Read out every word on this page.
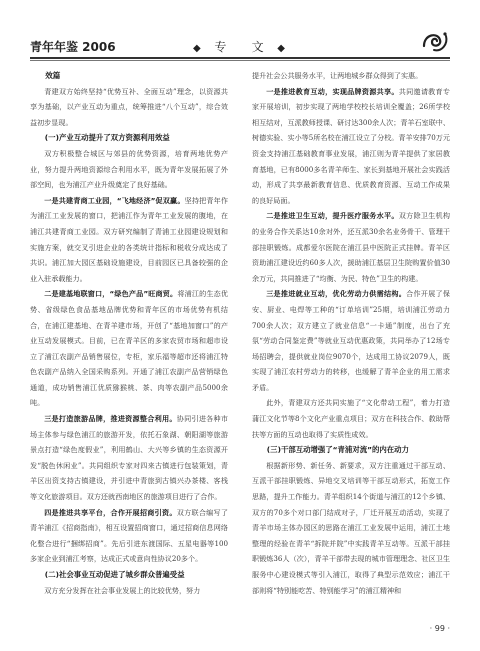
青年年鉴 2006	◆ 专 文 ◆

效篇

青建双方始终坚持“优势互补、全面互动”理念，以资源共享为基础，以产业互动为重点，统筹推进“八个互动”，综合效益初步显现。

(一)产业互动提升了双方资源利用效益

双方积极整合城区与郊县的优势资源，培育两地优势产业，努力提升两地资源综合利用水平，既为青年发展拓展了外部空间，也为浦江产业升级奠定了良好基础。

一是共建青商工业园，“飞地经济”促双赢。坚持把青年作为浦江工业发展的窗口，把浦江作为青年工业发展的腹地，在浦江共建青商工业园。双方研究编制了青浦工业园建设规划和实施方案，就交叉引进企业的各类统计指标和税收分成达成了共识。浦江加大园区基础设施建设，目前园区已具备较强的企业入驻承载能力。

二是建基地联窗口，“绿色产品”旺商贸。将浦江的生态优势、省级绿色食品基地品牌优势和青年区的市场优势有机结合，在浦江建基地、在青羊建市场，开创了“基地加窗口”的产业互动发展模式。目前，已在青羊区的多家农贸市场和超市设立了浦江农副产品销售展位，专柜，家乐福等超市还将浦江特色农副产品纳入全国采购系列。开通了浦江农副产品营销绿色通道，成功销售浦江优质猕猴桃、茶、肉等农副产品5000余吨。

三是打造旅游品牌，推进资源整合利用。协同引进各种市场主体参与绿色浦江的旅游开发，依托石象湖、朝阳湖等旅游景点打造“绿色度假业”，利用鹤山、大兴等乡镇的生态资源开发“脱色休闲业”。共同组织专家对四来古镇进行包装策划，青羊区出资支持古镇建设，并引进中青旅到古镇兴办茶楼、客栈等文化旅游项目。双方还就西南地区的旅游项目进行了合作。

四是推进共享平台，合作开展招商引资。双方联合编写了青羊浦江《招商指南》，相互设置招商窗口，通过招商信息网络化整合进行“捆绑招商”。先后引进东渡国际、五星电器等100多家企业到浦江考察，达成正式或意向性协议20多个。

(二)社会事业互动促进了城乡群众普遍受益

双方充分发挥在社会事业发展上的比较优势，努力

提升社会公共服务水平，让两地城乡群众得到了实惠。

一是推进教育互动，实现品牌资源共享。共同邀请教育专家开展培训，初步实现了两地学校校长培训全覆盖；26所学校相互结对，互派教师授课、研讨达300余人次；青羊石室联中、树德实验、实小等5所名校在浦江设立了分校。青羊安排70万元资金支持浦江基础教育事业发展，浦江则为青羊提供了家居教育基地，已有8000多名青羊师生、家长到基地开展社会实践活动，形成了共享最新教育信息、优质教育资源、互动工作成果的良好局面。

二是推进卫生互动，提升医疗服务水平。双方除卫生机构的业务合作关系达10余对外，还互派30余名业务骨干、管理干部挂职锻炼。成都爱尔医院在浦江县中医院正式挂牌。青羊区资助浦江建设近约60多人次，援助浦江基层卫生院购置价值30余万元，共同推进了“均衡、为民、特色”卫生的构建。

三是推进就业互动，优化劳动力供需结构。合作开展了保安、厨业、电焊等工种的“订单培训”25期，培训浦江劳动力700余人次；双方建立了就业信息“一卡通”制度，出台了充氛“劳动合同鉴定费”等就业互动优惠政策，共同举办了12场专场招聘会，提供就业岗位9070个，达成用工协议2079人，既实现了浦江农村劳动力的转移，也缓解了青羊企业的用工需求矛盾。

此外，青建双方还共同实施了“文化带动工程”，着力打造蒲江文化节等8个文化产业重点项目；双方在科技合作、救助帮扶等方面的互动也取得了实质性成效。

(三)干部互动增强了“青浦对流”的内在动力

根据新形势、新任务、新要求，双方注重通过干部互动、互派干部挂职锻炼、异地交叉培训等干部互动形式，拓宽工作思路，提升工作能力。青羊组织14个街道与浦江的12个乡镇、双方的70多个对口部门结成对子，厂迁开展互动活动，实现了青羊市场主体办园区的思路在浦江工业发展中运用，浦江土地整理的经验在青羊“拆院并院”中实践青羊互动等。互派干部挂职锻炼36人（次），青羊干部带去现的城市管理理念、社区卫生服务中心建设模式等引入浦江，取得了典型示范效应；浦江干部则将“特别能吃苦、特别能学习”的浦江精神和

· 99 ·
